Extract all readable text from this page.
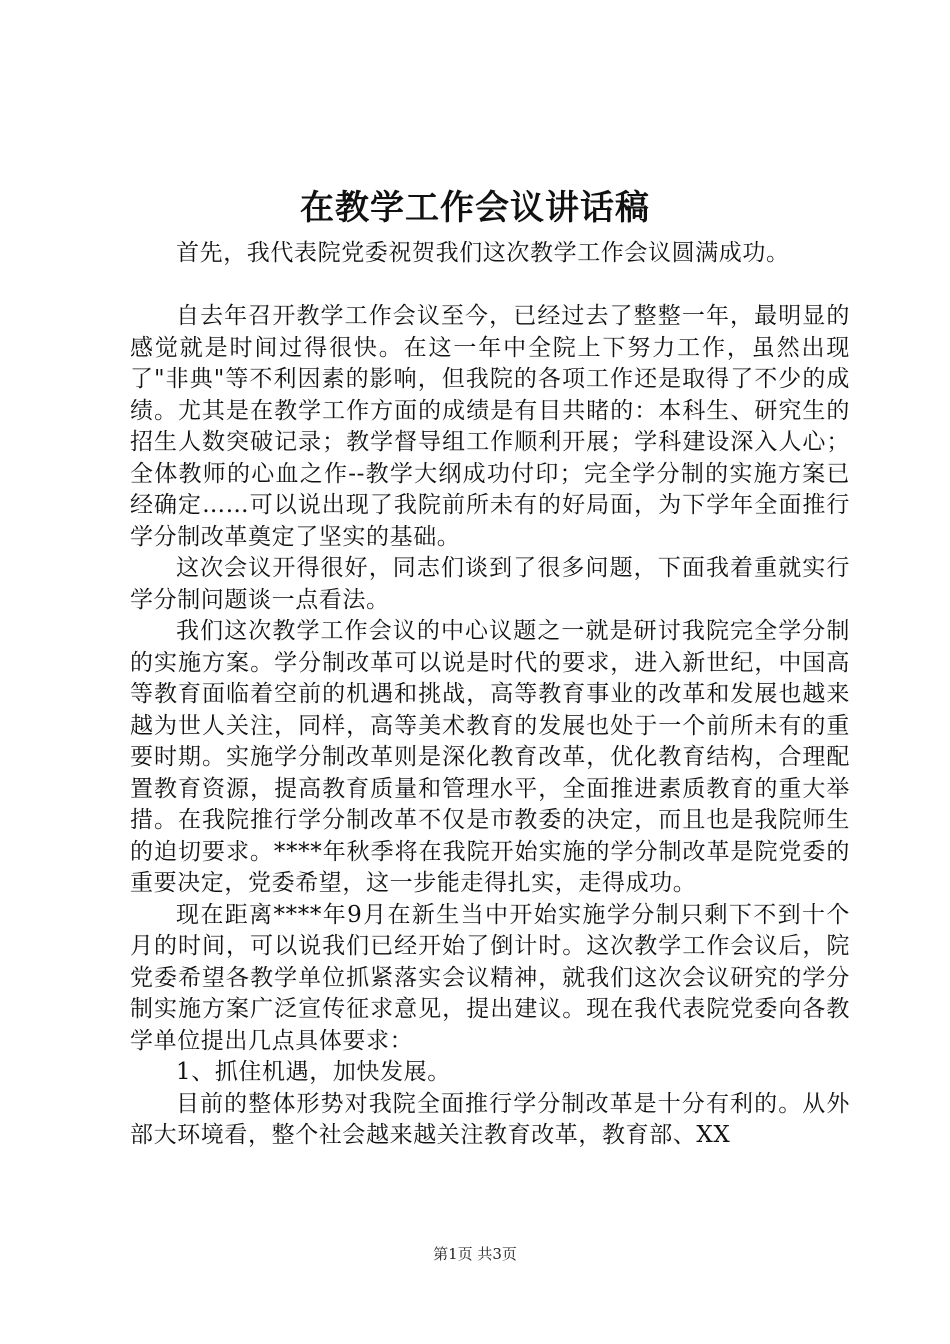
在教学工作会议讲话稿

首先，我代表院党委祝贺我们这次教学工作会议圆满成功。

自去年召开教学工作会议至今，已经过去了整整一年，最明显的感觉就是时间过得很快。在这一年中全院上下努力工作，虽然出现了"非典"等不利因素的影响，但我院的各项工作还是取得了不少的成绩。尤其是在教学工作方面的成绩是有目共睹的：本科生、研究生的招生人数突破记录；教学督导组工作顺利开展；学科建设深入人心；全体教师的心血之作--教学大纲成功付印；完全学分制的实施方案已经确定……可以说出现了我院前所未有的好局面，为下学年全面推行学分制改革奠定了坚实的基础。

这次会议开得很好，同志们谈到了很多问题，下面我着重就实行学分制问题谈一点看法。

我们这次教学工作会议的中心议题之一就是研讨我院完全学分制的实施方案。学分制改革可以说是时代的要求，进入新世纪，中国高等教育面临着空前的机遇和挑战，高等教育事业的改革和发展也越来越为世人关注，同样，高等美术教育的发展也处于一个前所未有的重要时期。实施学分制改革则是深化教育改革，优化教育结构，合理配置教育资源，提高教育质量和管理水平，全面推进素质教育的重大举措。在我院推行学分制改革不仅是市教委的决定，而且也是我院师生的迫切要求。****年秋季将在我院开始实施的学分制改革是院党委的重要决定，党委希望，这一步能走得扎实，走得成功。

现在距离****年9月在新生当中开始实施学分制只剩下不到十个月的时间，可以说我们已经开始了倒计时。这次教学工作会议后，院党委希望各教学单位抓紧落实会议精神，就我们这次会议研究的学分制实施方案广泛宣传征求意见，提出建议。现在我代表院党委向各教学单位提出几点具体要求：

1、抓住机遇，加快发展。

目前的整体形势对我院全面推行学分制改革是十分有利的。从外部大环境看，整个社会越来越关注教育改革，教育部、XX

第1页 共3页
